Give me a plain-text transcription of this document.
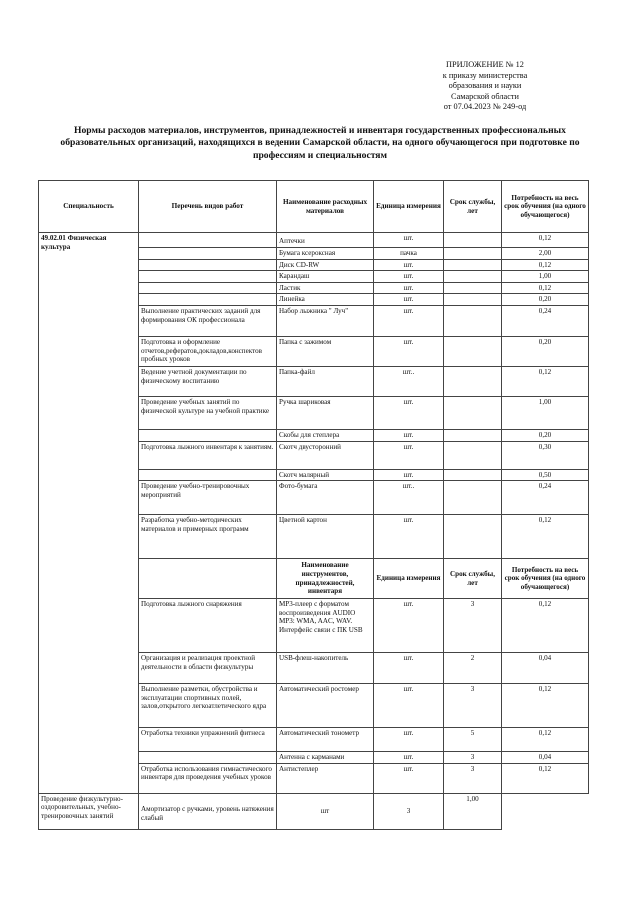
ПРИЛОЖЕНИЕ № 12
к приказу министерства
образования и науки
Самарской области
от 07.04.2023 № 249-од
Нормы расходов материалов, инструментов, принадлежностей и инвентаря государственных профессиональных образовательных организаций, находящихся в ведении Самарской области, на одного обучающегося при подготовке по профессиям и специальностям
Специальность	Перечень видов работ	Наименование расходных материалов	Единица измерения	Срок службы, лет	Потребность на весь срок обучения (на одного обучающегося)
49.02.01 Физическая культура		Аптечки	шт.		0,12
		Бумага ксероксная	пачка		2,00
		Диск CD-RW	шт.		0,12
		Карандаш	шт.		1,00
		Ластик	шт.		0,12
		Линейка	шт.		0,20
	Выполнение практических заданий для формирования ОК профессионала	Набор лыжника " Луч"	шт.		0,24
	Подготовка и оформление отчетов,рефератов,докладов,конспектов пробных уроков	Папка с зажимом	шт.		0,20
	Ведение учетной документации по физическому воспитанию	Папка-файл	шт..		0,12
	Проведение учебных занятий по физической культуре на учебной практике	Ручка шариковая	шт.		1,00
		Скобы для степлера	шт.		0,20
	Подготовка лыжного инвентаря к занятиям.	Скотч двусторонний	шт.		0,30
		Скотч малярный	шт.		0,50
	Проведение учебно-тренировочных мероприятий	Фото-бумага	шт..		0,24
	Разработка учебно-методических материалов и примерных программ	Цветной картон	шт.		0,12
		Наименование инструментов, принадлежностей, инвентаря	Единица измерения	Срок службы, лет	Потребность на весь срок обучения (на одного обучающегося)
	Подготовка лыжного снаряжения	MP3-плеер с форматом воспроизведения AUDIO MP3: WMA, AAC, WAV. Интерфейс связи с ПК USB	шт.	3	0,12
	Организация и реализация проектной деятельности в области физкультуры	USB-флеш-накопитель	шт.	2	0,04
	Выполнение разметки, обустройства и эксплуатации спортивных полей, залов,открытого легкоатлетического ядра	Автоматический ростомер	шт.	3	0,12
	Отработка техники упражнений фитнеса	Автоматический тонометр	шт.	5	0,12
		Антенна с карманами	шт.	3	0,04
	Отработка использования гимнастического инвентаря для проведения учебных уроков	Антистеплер	шт.	3	0,12
Проведение физкультурно-оздоровительных, учебно-тренировочных занятий	Амортизатор с ручками, уровень натяжения слабый	шт	3	1,00	
